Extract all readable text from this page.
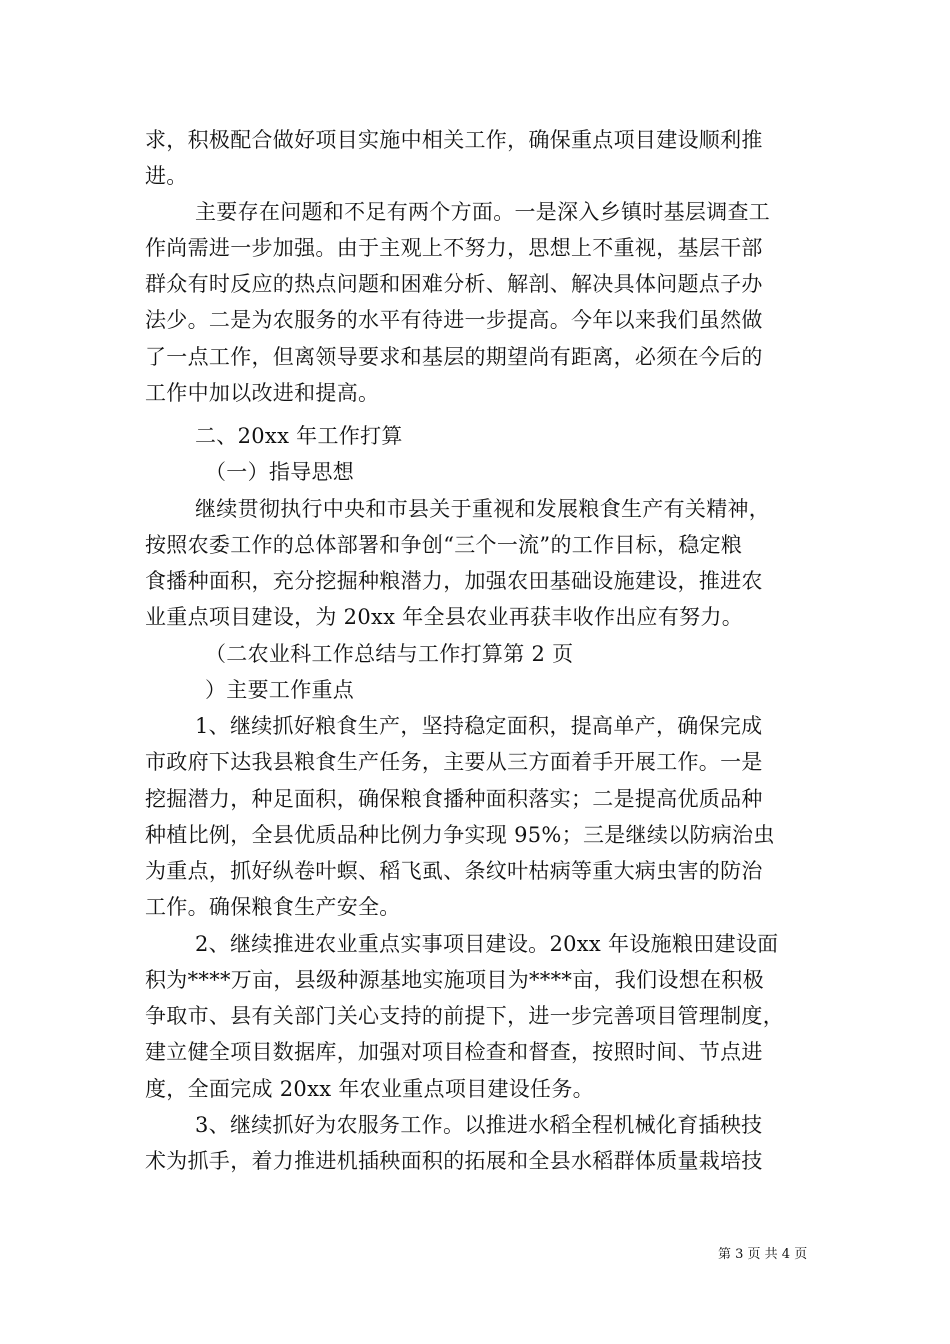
求，积极配合做好项目实施中相关工作，确保重点项目建设顺利推
进。
主要存在问题和不足有两个方面。一是深入乡镇时基层调查工
作尚需进一步加强。由于主观上不努力，思想上不重视，基层干部
群众有时反应的热点问题和困难分析、解剖、解决具体问题点子办
法少。二是为农服务的水平有待进一步提高。今年以来我们虽然做
了一点工作，但离领导要求和基层的期望尚有距离，必须在今后的
工作中加以改进和提高。
二、20xx 年工作打算
（一）指导思想
继续贯彻执行中央和市县关于重视和发展粮食生产有关精神，
按照农委工作的总体部署和争创“三个一流”的工作目标，稳定粮
食播种面积，充分挖掘种粮潜力，加强农田基础设施建设，推进农
业重点项目建设，为 20xx 年全县农业再获丰收作出应有努力。
（二农业科工作总结与工作打算第 2 页
）主要工作重点
1、继续抓好粮食生产，坚持稳定面积，提高单产，确保完成
市政府下达我县粮食生产任务，主要从三方面着手开展工作。一是
挖掘潜力，种足面积，确保粮食播种面积落实；二是提高优质品种
种植比例，全县优质品种比例力争实现 95%；三是继续以防病治虫
为重点，抓好纵卷叶螟、稻飞虱、条纹叶枯病等重大病虫害的防治
工作。确保粮食生产安全。
2、继续推进农业重点实事项目建设。20xx 年设施粮田建设面
积为****万亩，县级种源基地实施项目为****亩，我们设想在积极
争取市、县有关部门关心支持的前提下，进一步完善项目管理制度，
建立健全项目数据库，加强对项目检查和督查，按照时间、节点进
度，全面完成 20xx 年农业重点项目建设任务。
3、继续抓好为农服务工作。以推进水稻全程机械化育插秧技
术为抓手，着力推进机插秧面积的拓展和全县水稻群体质量栽培技
第 3 页 共 4 页
